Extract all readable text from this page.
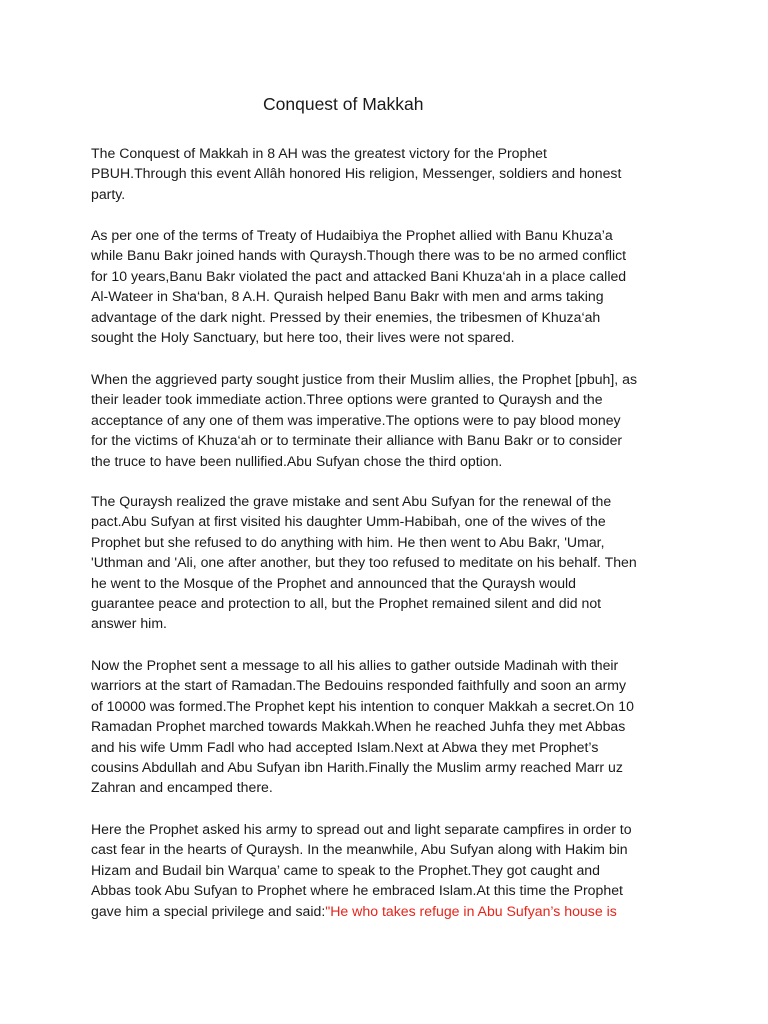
Conquest of Makkah
The Conquest of Makkah in 8 AH was the greatest victory for the Prophet
PBUH.Through this event Allâh honored His religion, Messenger, soldiers and honest
party.
As per one of the terms of Treaty of Hudaibiya the Prophet allied with Banu Khuza’a
while Banu Bakr joined hands with Quraysh.Though there was to be no armed conflict
for 10 years,Banu Bakr violated the pact and attacked Bani Khuza‘ah in a place called
Al-Wateer in Sha‘ban, 8 A.H. Quraish helped Banu Bakr with men and arms taking
advantage of the dark night. Pressed by their enemies, the tribesmen of Khuza‘ah
sought the Holy Sanctuary, but here too, their lives were not spared.
When the aggrieved party sought justice from their Muslim allies, the Prophet [pbuh], as
their leader took immediate action.Three options were granted to Quraysh and the
acceptance of any one of them was imperative.The options were to pay blood money
for the victims of Khuza‘ah or to terminate their alliance with Banu Bakr or to consider
the truce to have been nullified.Abu Sufyan chose the third option.
The Quraysh realized the grave mistake and sent Abu Sufyan for the renewal of the
pact.Abu Sufyan at first visited his daughter Umm-Habibah, one of the wives of the
Prophet but she refused to do anything with him. He then went to Abu Bakr, 'Umar,
'Uthman and 'Ali, one after another, but they too refused to meditate on his behalf. Then
he went to the Mosque of the Prophet and announced that the Quraysh would
guarantee peace and protection to all, but the Prophet remained silent and did not
answer him.
Now the Prophet sent a message to all his allies to gather outside Madinah with their
warriors at the start of Ramadan.The Bedouins responded faithfully and soon an army
of 10000 was formed.The Prophet kept his intention to conquer Makkah a secret.On 10
Ramadan Prophet marched towards Makkah.When he reached Juhfa they met Abbas
and his wife Umm Fadl who had accepted Islam.Next at Abwa they met Prophet’s
cousins Abdullah and Abu Sufyan ibn Harith.Finally the Muslim army reached Marr uz
Zahran and encamped there.
Here the Prophet asked his army to spread out and light separate campfires in order to
cast fear in the hearts of Quraysh. In the meanwhile, Abu Sufyan along with Hakim bin
Hizam and Budail bin Warqua’ came to speak to the Prophet.They got caught and
Abbas took Abu Sufyan to Prophet where he embraced Islam.At this time the Prophet
gave him a special privilege and said:"He who takes refuge in Abu Sufyan’s house is
